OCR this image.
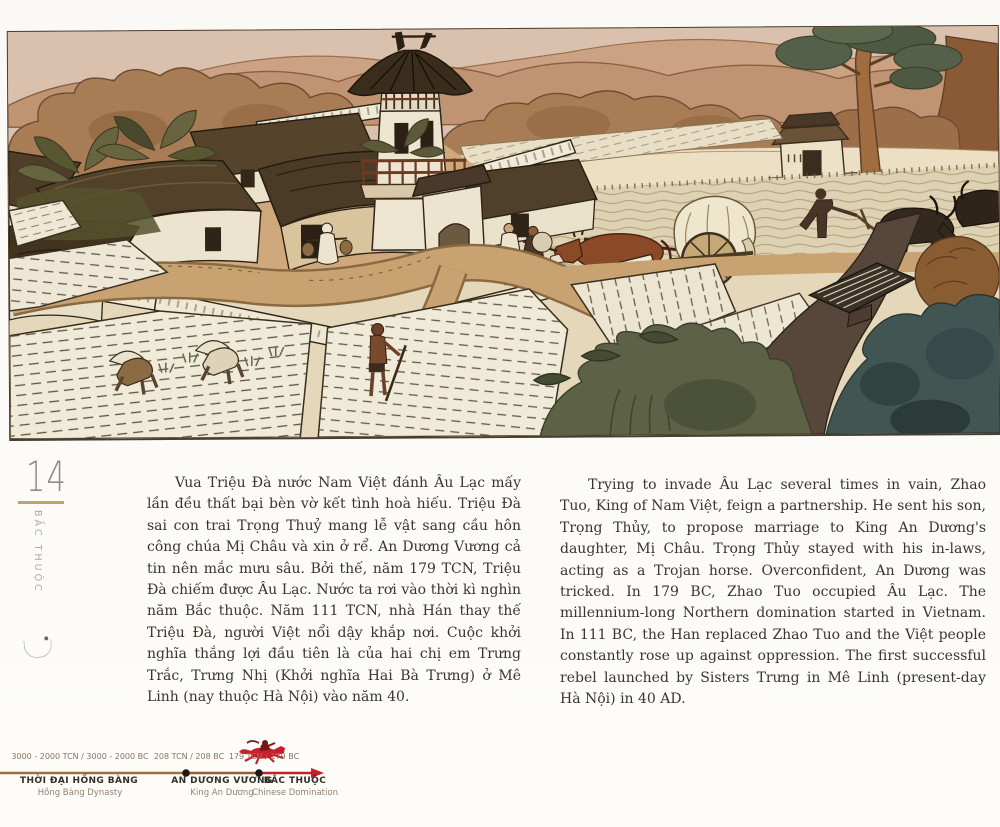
14
BẮC THUỘC

Vua Triệu Đà nước Nam Việt đánh Âu Lạc mấy lần đều thất bại bèn vờ kết tình hoà hiếu. Triệu Đà sai con trai Trọng Thuỷ mang lễ vật sang cầu hôn công chúa Mị Châu và xin ở rể. An Dương Vương cả tin nên mắc mưu sâu. Bởi thế, năm 179 TCN, Triệu Đà chiếm được Âu Lạc. Nước ta rơi vào thời kì nghìn năm Bắc thuộc. Năm 111 TCN, nhà Hán thay thế Triệu Đà, người Việt nổi dậy khắp nơi. Cuộc khởi nghĩa thắng lợi đầu tiên là của hai chị em Trưng Trắc, Trưng Nhị (Khởi nghĩa Hai Bà Trưng) ở Mê Linh (nay thuộc Hà Nội) vào năm 40.

Trying to invade Âu Lạc several times in vain, Zhao Tuo, King of Nam Việt, feign a partnership. He sent his son, Trọng Thủy, to propose marriage to King An Dương's daughter, Mị Châu. Trọng Thủy stayed with his in-laws, acting as a Trojan horse. Overconfident, An Dương was tricked. In 179 BC, Zhao Tuo occupied Âu Lạc. The millennium-long Northern domination started in Vietnam. In 111 BC, the Han replaced Zhao Tuo and the Việt people constantly rose up against oppression. The first successful rebel launched by Sisters Trưng in Mê Linh (present-day Hà Nội) in 40 AD.

3000 - 2000 TCN / 3000 - 2000 BC 208 TCN / 208 BC 179 TCN / 179 BC
THỜI ĐẠI HỒNG BÀNG	AN DƯƠNG VƯƠNG
BẮC THUỘC
Hồng Bàng Dynasty	King An Dương
Chinese Domination
